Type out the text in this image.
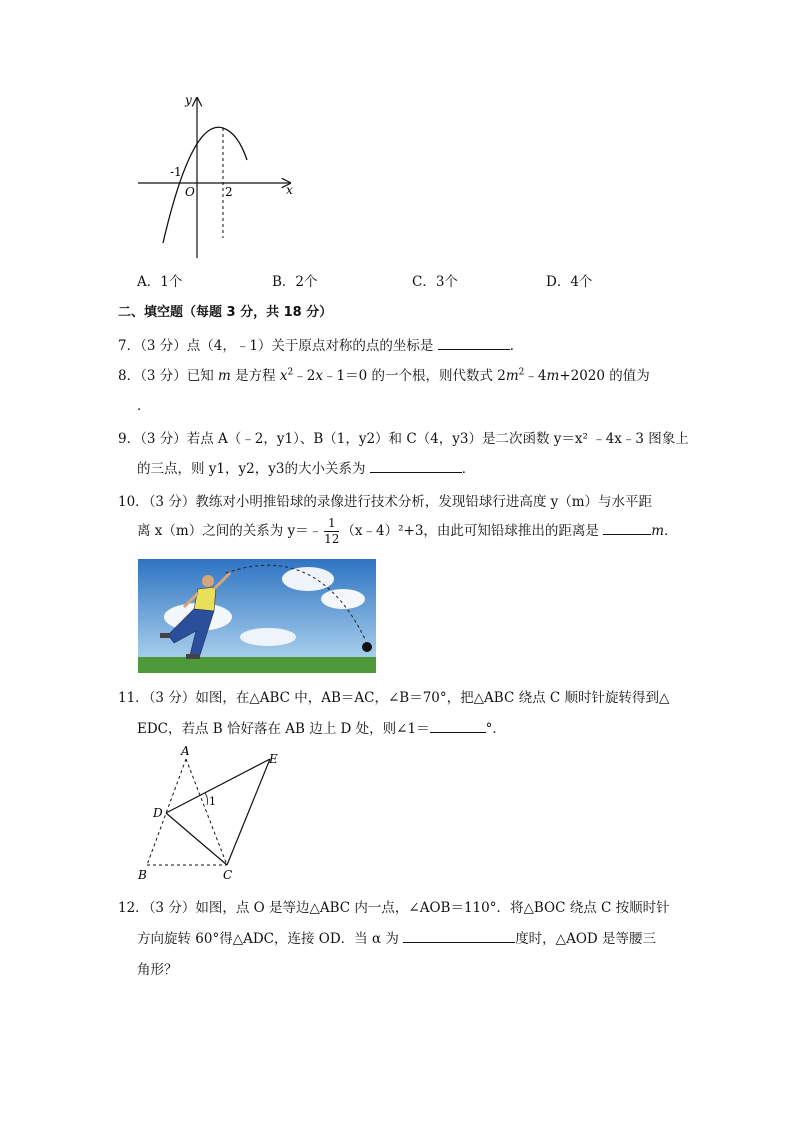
y
x
-1
O	2
A．1个	B．2个	C．3个	D．4个
二、填空题（每题 3 分，共 18 分）
7．（3 分）点（4，﹣1）关于原点对称的点的坐标是	．
8．（3 分）已知 m 是方程 $x^2﹣2x﹣1=0$ 的一个根，则代数式 $2m^2﹣4m+2020$ 的值为
．
9．（3 分）若点 A（﹣2，y1）、B（1，y2）和 C（4，y3）是二次函数 y＝x² ﹣4x﹣3 图象上
的三点，则 y1，y2，y3的大小关系为	．
10．（3 分）教练对小明推铅球的录像进行技术分析，发现铅球行进高度 y（m）与水平距
离 x（m）之间的关系为 y＝﹣ $\frac{1}{12}$ （x﹣4）²+3，由此可知铅球推出的距离是	m．
11．（3 分）如图，在△ABC 中，AB＝AC，∠B＝70°，把△ABC 绕点 C 顺时针旋转得到△
EDC，若点 B 恰好落在 AB 边上 D 处，则∠1＝	°．
A
E
D
B	C
1
12．（3 分）如图，点 O 是等边△ABC 内一点，∠AOB＝110°．将△BOC 绕点 C 按顺时针
方向旋转 60°得△ADC，连接 OD．当 α 为	度时，△AOD 是等腰三
角形？
